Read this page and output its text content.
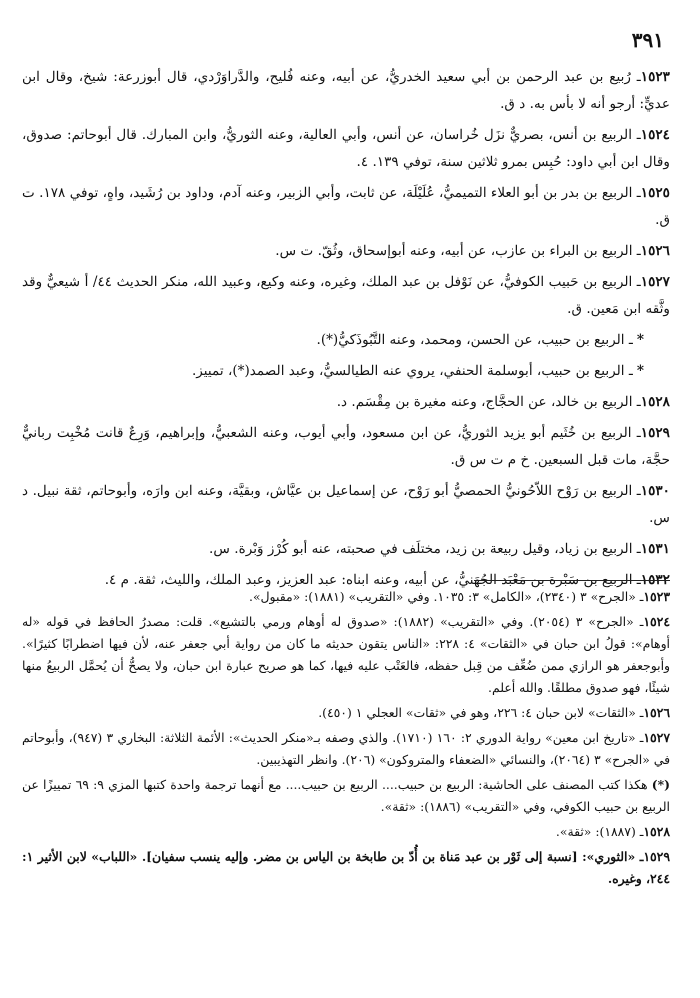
٣٩١

١٥٢٣ـ رُبيع بن عبد الرحمن بن أبي سعيد الخدريُّ، عن أبيه، وعنه فُليح، والدَّراوَرْدي، قال أبوزرعة: شيخ، وقال ابن عديٍّ: أرجو أنه لا بأس به. د ق.

١٥٢٤ـ الربيع بن أنس، بصريٌّ نزَل خُراسان، عن أنس، وأبي العالية، وعنه الثوريُّ، وابن المبارك. قال أبوحاتم: صدوق، وقال ابن أبي داود: حُبِس بمرو ثلاثين سنة، توفي ١٣٩. ٤.

١٥٢٥ـ الربيع بن بدر بن أبو العلاء التميميُّ، عُلَيْلَة، عن ثابت، وأبي الزبير، وعنه آدم، وداود بن رُشَيد، واهٍ، توفي ١٧٨. ت ق.

١٥٢٦ـ الربيع بن البراء بن عازب، عن أبيه، وعنه أبوإسحاق، وثُقّ. ت س.

١٥٢٧ـ الربيع بن حَبيب الكوفيُّ، عن نَوْفل بن عبد الملك، وغيره، وعنه وكيع، وعبيد الله، منكر الحديث ٤٤/ أ شيعيٌّ وقد وثَّقه ابن مَعين. ق.

*ـ الربيع بن حبيب، عن الحسن، ومحمد، وعنه التَّبُوذَكيُّ(*).

*ـ الربيع بن حبيب، أبوسلمة الحنفي، يروي عنه الطيالسيُّ، وعبد الصمد(*)، تمييز.

١٥٢٨ـ الربيع بن خالد، عن الحجَّاج، وعنه مغيرة بن مِقْسَم. د.

١٥٢٩ـ الربيع بن خُثَيم أبو يزيد الثوريُّ، عن ابن مسعود، وأبي أيوب، وعنه الشعبيُّ، وإبراهيم، وَرِعٌ قانت مُخْبِت ربانيٌّ حجَّة، مات قبل السبعين. خ م ت س ق.

١٥٣٠ـ الربيع بن رَوْح اللاّحُونيُّ الحمصيُّ أبو رَوْح، عن إسماعيل بن عيَّاش، وبقيَّة، وعنه ابن وارَه، وأبوحاتم، ثقة نبيل. د س.

١٥٣١ـ الربيع بن زياد، وقيل ربيعة بن زيد، مختلَف في صحبته، عنه أبو كُرْز وَبْرة. س.

١٥٣٢ـ الربيع بن سَبْرة بن مَعْبَد الجُهَنيُّ، عن أبيه، وعنه ابناه: عبد العزيز، وعبد الملك، والليث، ثقة. م ٤.

١٥٢٣ـ «الجرح» ٣ (٢٣٤٠)، «الكامل» ٣: ١٠٣٥. وفي «التقريب» (١٨٨١): «مقبول».

١٥٢٤ـ «الجرح» ٣ (٢٠٥٤). وفي «التقريب» (١٨٨٢): «صدوق له أوهام ورمي بالتشيع». قلت: مصدرُ الحافظ في قوله «له أوهام»: قولُ ابن حبان في «الثقات» ٤: ٢٢٨: «الناس يتقون حديثه ما كان من رواية أبي جعفر عنه، لأن فيها اضطرابًا كثيرًا». وأبوجعفر هو الرازي ممن ضُعِّف من قِبل حفظه، فالعَتْب عليه فيها، كما هو صريح عبارة ابن حبان، ولا يصحُّ أن يُحمَّل الربيعُ منها شيئًا، فهو صدوق مطلقًا. والله أعلم.

١٥٢٦ـ «الثقات» لابن حبان ٤: ٢٢٦، وهو في «ثقات» العجلي ١ (٤٥٠).

١٥٢٧ـ «تاريخ ابن معين» رواية الدوري ٢: ١٦٠ (١٧١٠). والذي وصفه بـ«منكر الحديث»: الأئمة الثلاثة: البخاري ٣ (٩٤٧)، وأبوحاتم في «الجرح» ٣ (٢٠٦٤)، والنسائي «الضعفاء والمتروكون» (٢٠٦). وانظر التهذيبين.

(*) هكذا كتب المصنف على الحاشية: الربيع بن حبيب.... الربيع بن حبيب.... مع أنهما ترجمة واحدة كتبها المزي ٩: ٦٩ تمييزًا عن الربيع بن حبيب الكوفي، وفي «التقريب» (١٨٨٦): «ثقة».

١٥٢٨ـ (١٨٨٧): «ثقة».

١٥٢٩ـ «الثوري»: [نسبة إلى ثَوْر بن عبد مَناة بن أُدّ بن طابخة بن الياس بن مضر. وإليه ينسب سفيان]. «اللباب» لابن الأثير ١: ٢٤٤، وغيره.
